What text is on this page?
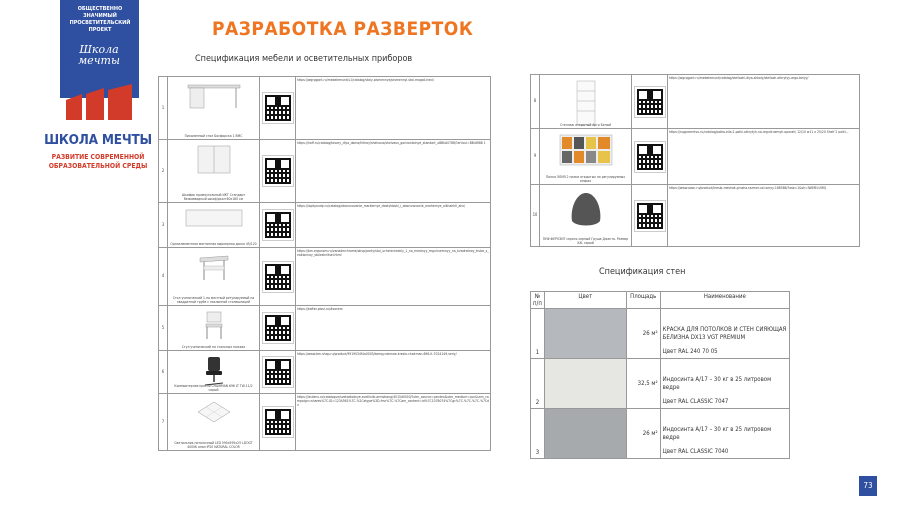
ОБЩЕСТВЕННО ЗНАЧИМЫЙ ПРОСВЕТИТЕЛЬСКИЙ ПРОЕКТ
Школа мечты
ШКОЛА МЕЧТЫ
РАЗВИТИЕ СОВРЕМЕННОЙ ОБРАЗОВАТЕЛЬНОЙ СРЕДЫ
РАЗРАБОТКА РАЗВЕРТОК
Спецификация мебели и осветительных приборов
Спецификация стен
1	Письменный стол Босфорска 1 ВМС		https://wgrpgpnt.ru/mebelemunt/u1/catalog/stoly-pismennye/pismennyi-stol-mogali-hexi/
2	Шкафик прямоугольный ИКТ Стандарт бежиевидный шкаф/дкол 60х180 см		https://hoff.ru/catalog/tovary_dlya_doma/hitiroy/shelvaus/shelvaus_gorizontalnye_standart_uBBkA0788/?articul=BB4W88 1
3	Одноэлементная магнитная маркерная доска 45/120		https://iapkyoudp.ru/catalog/oborunovanie_markernye_doski/doski_i_oborunovanie_markernye_olkhakh0_ahx/
4	Стол ученический 1-но местный регулируемый на квадратной трубе с наклонной столешницей		https://bm-ergonom.ru/vanadmchrome/okvp/party/stol_uchenicheskiy_1_no_mestnyy_regulruemnyy_na_kvadratnoy_trube_s_naklonnoy_stoleshnitsei.html
5	Стул ученический на стальных ножках		https://kafter-plosi.ru/#saverx
6	Компьютерное кресло CHAIRMAN 696 LT TW-11/2 серый		https://www.bm-shop.ru/product/9919034f4a0003/kompyuternoe-kreslo-chairman-696-lt-7024149-seriy/
7	Светильник потолочный LED 595х595х25 LDOGT 4000K опал IP20 NATURAL COLOR		https://leuteru.ru/catalogue/svetodiodnye-svetilniki-armstrong/4015d0003/?utm_source=yandex&utm_medium=cpc&utm_campaign=shares%7C-ID=1234561%7C-%2Cetype%3D-fmc%7C-%7Cam_content=id%7C1078074%7Cgc%7C-%7C-%7C-%7Cdv
8	Стеллаж открытый Арго Белый		https://wgrpgpnt.ru/mebelemunt/catalog/stellazhi-dlya-shkoly/stellazh-otkrytyy-argo-belyy/
9	Полка ЭЛИЯ 2 полки открытых на регулируемых опорах		https://rugpromrtvu.ru/catalog/polka-elia-2-polki-otkrytyh-na-reguliruemyh-oporah/ 12/10 w11 x 25/20 Shelf 2 polki...
10	ПУФ ФЕРОЗИТ серого-черный Груша Джеста. Размер XXL серый		https://www.ozon.ru/product/kreslo-meshok-grusha-razmer-xxl-seryy-168586/?asb=1&sh=IWIMEcUIRQ
№ п/п	Цвет	Площадь	Наименование
1		26 м²	КРАСКА ДЛЯ ПОТОЛКОВ И СТЕН СИЯЮЩАЯ БЕЛИЗНА DX13 VGT PREMIUM
Цвет RAL 240 70 05

2		32,5 м²	Индосинта А/17 – 30 кг в 25 литровом ведре
Цвет RAL CLASSIC 7047

3		26 м²	Индосинта А/17 – 30 кг в 25 литровом ведре
Цвет RAL CLASSIC 7040
73
